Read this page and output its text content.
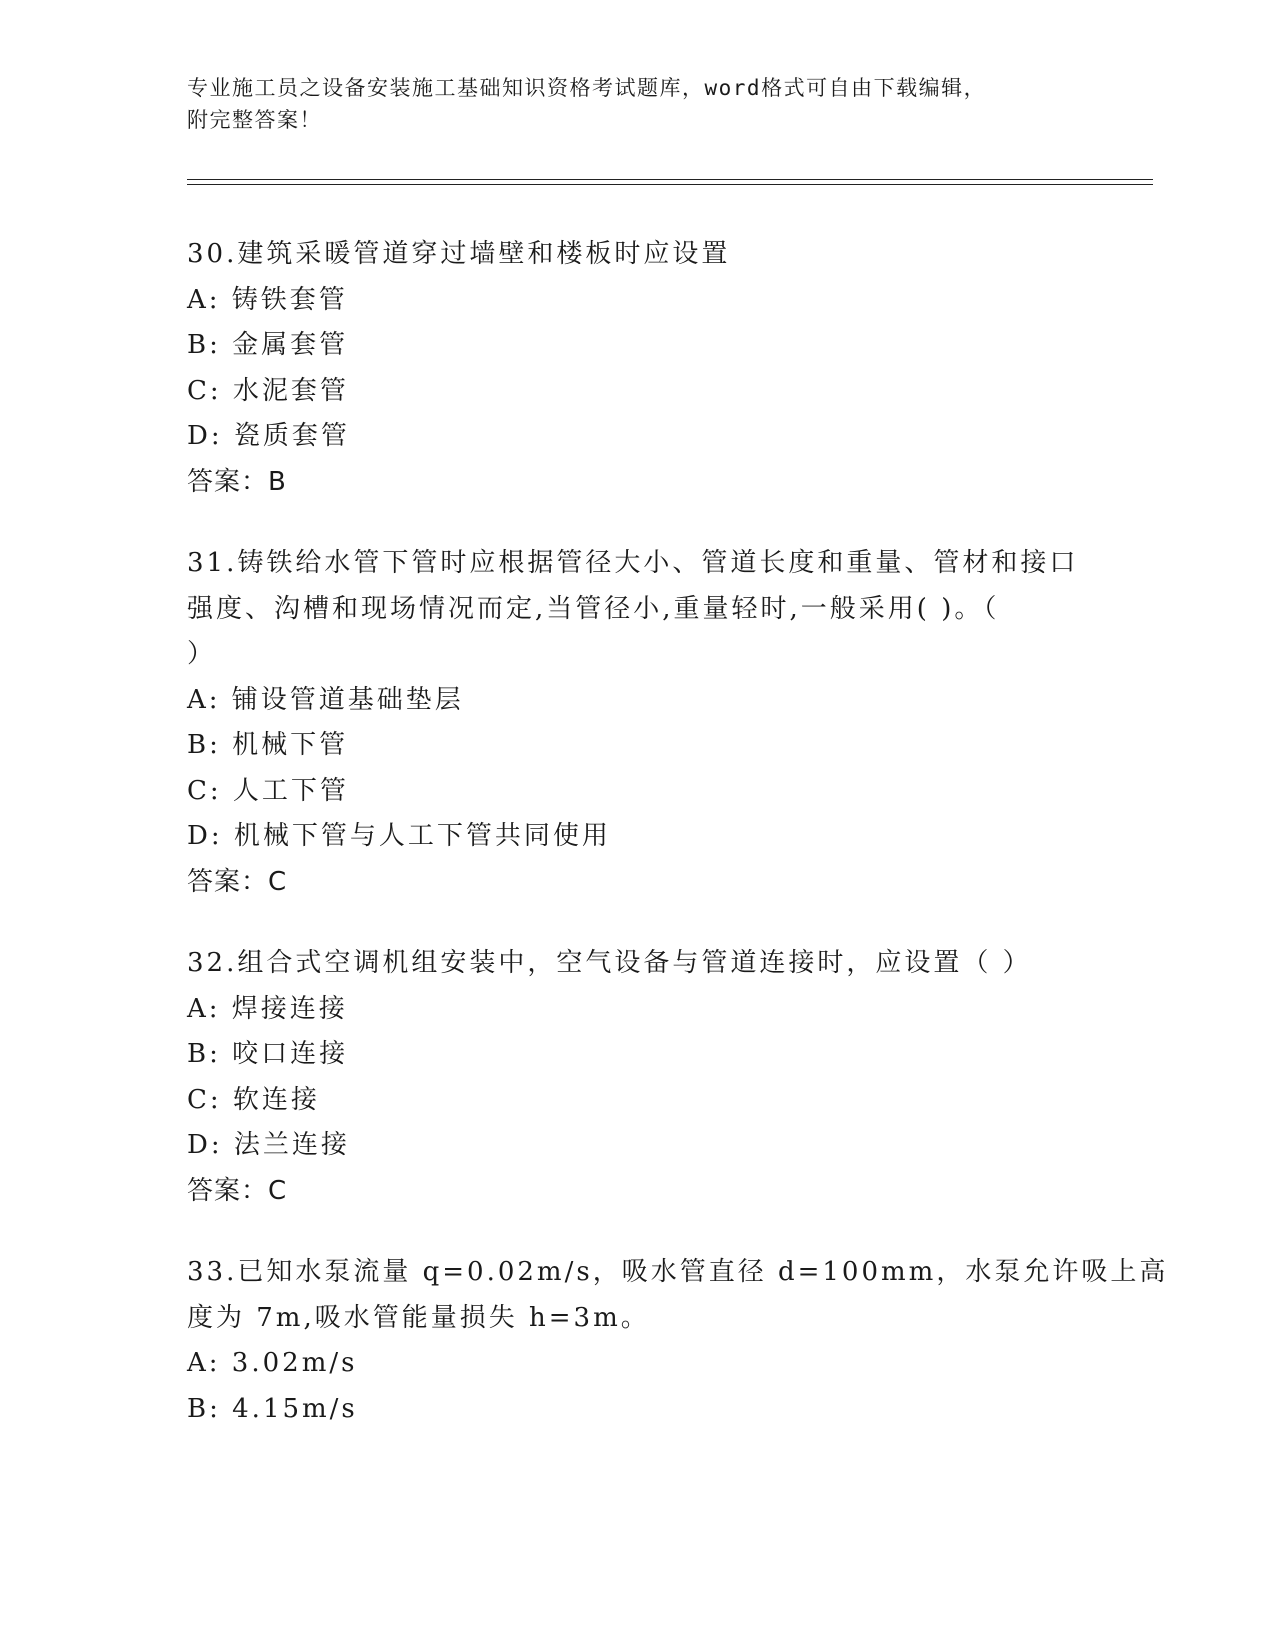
专业施工员之设备安装施工基础知识资格考试题库，word格式可自由下载编辑，
附完整答案！
30.建筑采暖管道穿过墙壁和楼板时应设置
A: 铸铁套管
B: 金属套管
C: 水泥套管
D: 瓷质套管
答案：B
31.铸铁给水管下管时应根据管径大小、管道长度和重量、管材和接口
强度、沟槽和现场情况而定,当管径小,重量轻时,一般采用( )。（
）
A: 铺设管道基础垫层
B: 机械下管
C: 人工下管
D: 机械下管与人工下管共同使用
答案：C
32.组合式空调机组安装中，空气设备与管道连接时，应设置（ ）
A: 焊接连接
B: 咬口连接
C: 软连接
D: 法兰连接
答案：C
33.已知水泵流量 q=0.02m/s，吸水管直径 d=100mm，水泵允许吸上高
度为 7m,吸水管能量损失 h=3m。
A: 3.02m/s
B: 4.15m/s
